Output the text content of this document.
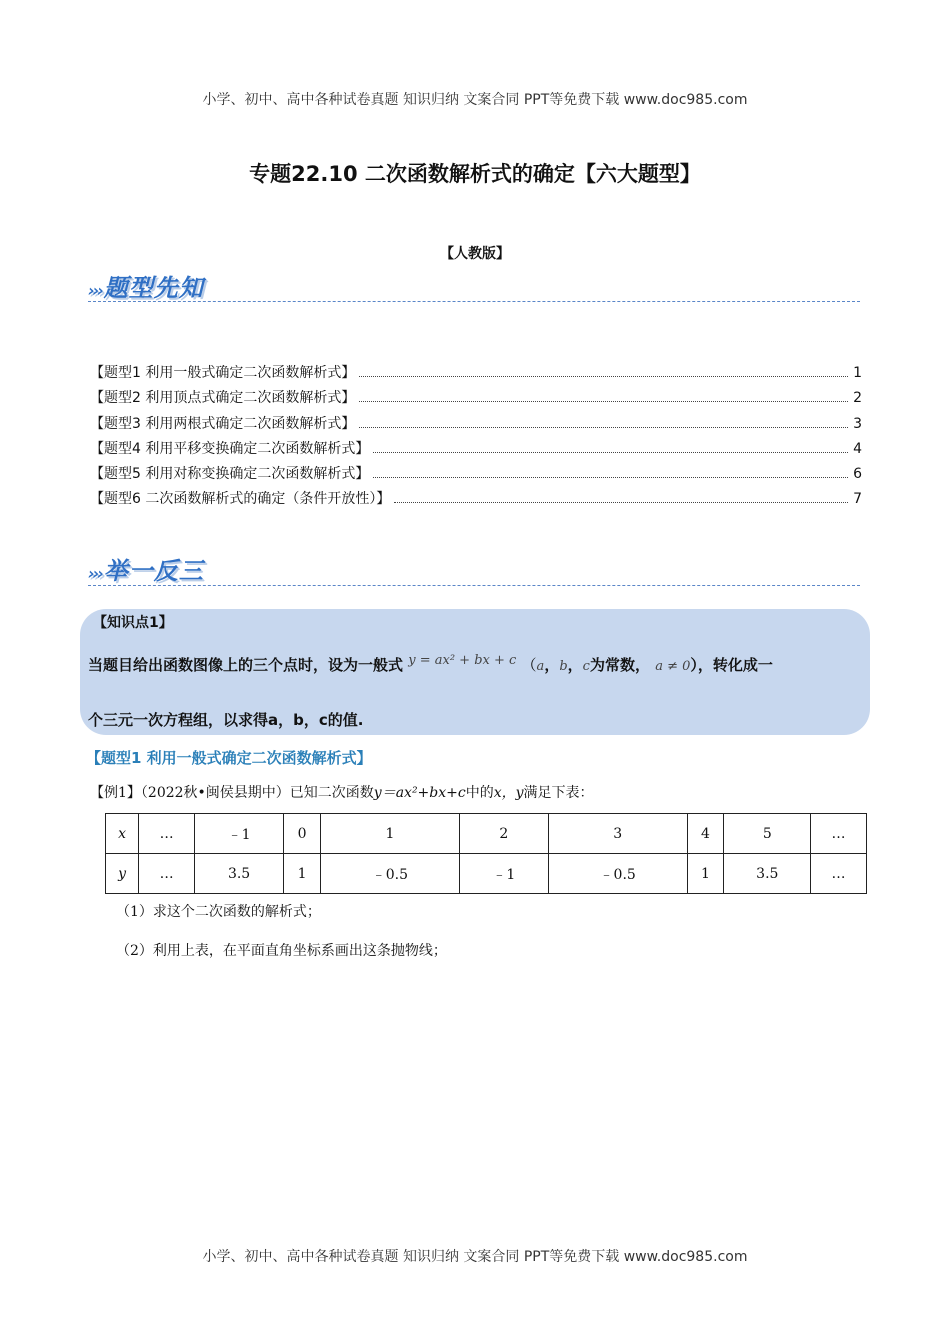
小学、初中、高中各种试卷真题 知识归纳 文案合同 PPT等免费下载 www.doc985.com
专题22.10 二次函数解析式的确定【六大题型】
【人教版】
›››题型先知
【题型1 利用一般式确定二次函数解析式】	1
【题型2 利用顶点式确定二次函数解析式】	2
【题型3 利用两根式确定二次函数解析式】	3
【题型4 利用平移变换确定二次函数解析式】	4
【题型5 利用对称变换确定二次函数解析式】	6
【题型6 二次函数解析式的确定（条件开放性）】	7
›››举一反三
【知识点1】
当题目给出函数图像上的三个点时，设为一般式 y = ax² + bx + c （a，b，c为常数， a ≠ 0），转化成一
个三元一次方程组，以求得a，b，c的值.
【题型1 利用一般式确定二次函数解析式】
【例1】（2022秋•闽侯县期中）已知二次函数y＝ax²+bx+c中的x，y满足下表：
x	…	﹣1	0	1	2	3	4	5	…
y	…	3.5	1	﹣0.5	﹣1	﹣0.5	1	3.5	…
（1）求这个二次函数的解析式；
（2）利用上表，在平面直角坐标系画出这条抛物线；
小学、初中、高中各种试卷真题 知识归纳 文案合同 PPT等免费下载 www.doc985.com
